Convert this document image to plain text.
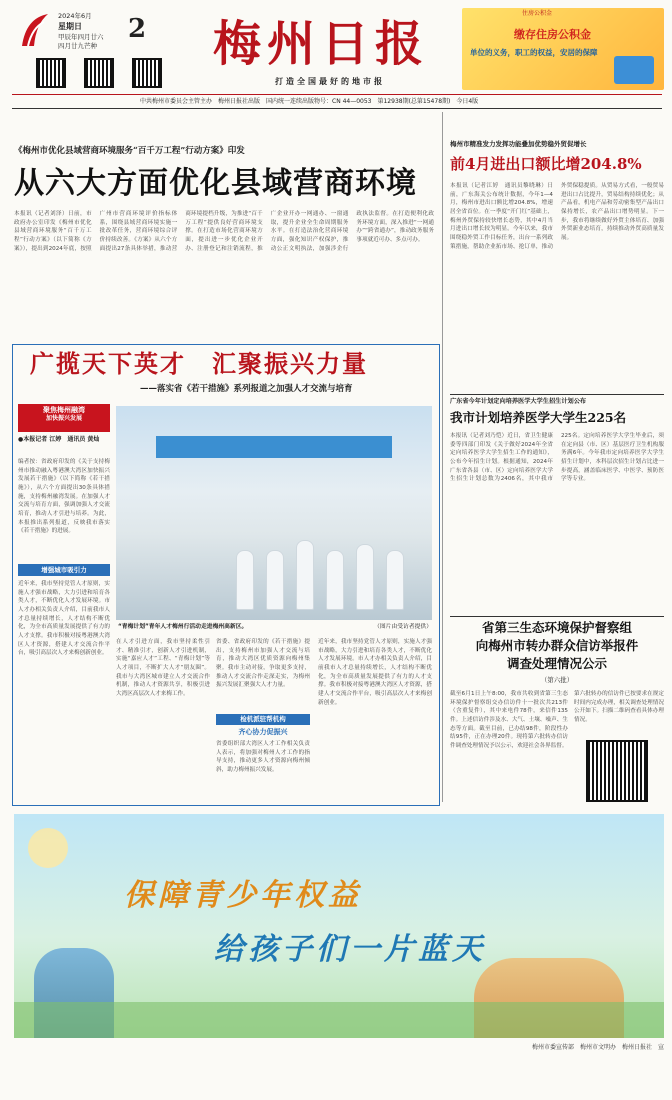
2024年6月
星期日
甲辰年四月廿六
四月廿九芒种
2	梅州日报
打造全国最好的地市报
住房公积金
缴存住房公积金
单位的义务，职工的权益，安居的保障
中共梅州市委员会主管主办　梅州日报社出版　国内统一连续出版物号：CN 44—0053　第12938期(总第15478期)　今日4版
《梅州市优化县域营商环境服务“百千万工程”行动方案》印发
从六大方面优化县域营商环境
本报讯（记者刘泽）日前，市政府办公室印发《梅州市优化县域营商环境服务“百千万工程”行动方案》（以下简称《方案》），提出到2024年底，按照广州市营商环境评价指标体系，围绕县域营商环境实施一批改革任务，营商环境综合评价持续改善。《方案》从六个方面提出27条具体举措，推动营商环境提档升级，为推进“百千万工程”提供良好营商环境支撑。在打造市场化营商环境方面，提出进一步优化企业开办、注册登记和注销流程，推广企业开办一网通办、一窗通取，提升企业全生命周期服务水平。在打造法治化营商环境方面，强化知识产权保护，推动公正文明执法，加强涉企行政执法监督。在打造便利化政务环境方面，深入推进“一网通办”“跨省通办”，推动政务服务事项就近可办、多点可办。
梅州市精准发力发挥功能叠加优势稳外贸促增长
前4月进出口额比增204.8%
本报讯（记者江婷　通讯员黎晓琳）日前，广东海关公布统计数据，今年1—4月，梅州市进出口额比增204.8%，增速居全省首位。在一季度“开门红”基础上，梅州外贸保持较快增长态势，其中4月当月进出口增长较为明显。今年以来，我市围绕稳外贸工作目标任务，出台一系列政策措施，帮助企业拓市场、抢订单，推动外贸保稳提质。从贸易方式看，一般贸易进出口占比提升，贸易结构持续优化；从产品看，机电产品和劳动密集型产品出口保持增长，农产品出口增势明显。下一步，我市将继续做好外贸主体培育、加强外贸新业态培育，持续推动外贸高质量发展。
广揽天下英才　汇聚振兴力量
——落实省《若干措施》系列报道之加强人才交流与培育
聚焦梅州融湾
加快振兴发展
●本报记者 江婷　通讯员 黄灿
编者按：省政府印发的《关于支持梅州市推动融入粤港澳大湾区加快振兴发展若干措施》（以下简称《若干措施》），从六个方面提出30条具体措施，支持梅州融湾发展。在加强人才交流与培育方面，强调加强人才交流培育，推动人才引进与培养。为此，本报推出系列报道，反映我市落实《若干措施》的进展。
增强城市吸引力
近年来，我市坚持党管人才原则，实施人才强市战略，大力引进和培育各类人才，不断优化人才发展环境。市人才办相关负责人介绍，目前我市人才总量持续增长，人才结构不断优化，为全市高质量发展提供了有力的人才支撑。我市积极对接粤港澳大湾区人才资源，搭建人才交流合作平台，吸引高层次人才来梅创新创业。
“青梅计划”青年人才梅州行活动走进梅州高新区。	（图片由受访者提供）
在人才引进方面，我市坚持柔性引才、精准引才，创新人才引进机制，实施“嘉应人才”工程、“青梅计划”等人才项目，不断扩大人才“朋友圈”。我市与大湾区城市建立人才交流合作机制，推动人才资源共享，积极引进大湾区高层次人才来梅工作。
省委、省政府印发的《若干措施》提出，支持梅州市加强人才交流与培育，推动大湾区优质资源向梅州集聚。我市主动对接，争取更多支持，推动人才交流合作走深走实，为梅州振兴发展汇聚强大人才力量。
检机派驻帮机构
齐心协力促振兴
省委组织部大湾区人才工作相关负责人表示，将加强对梅州人才工作的指导支持，推动更多人才资源向梅州倾斜，助力梅州振兴发展。
近年来，我市坚持党管人才原则，实施人才强市战略，大力引进和培育各类人才，不断优化人才发展环境。市人才办相关负责人介绍，目前我市人才总量持续增长，人才结构不断优化，为全市高质量发展提供了有力的人才支撑。我市积极对接粤港澳大湾区人才资源，搭建人才交流合作平台，吸引高层次人才来梅创新创业。
广东省今年计划定向培养医学大学生招生计划公布
我市计划培养医学大学生225名
本报讯（记者刘乃恺）近日，省卫生健康委等四部门印发《关于做好2024年全省定向培养医学大学生招生工作的通知》，公布今年招生计划。根据通知，2024年广东省各县（市、区）定向培养医学大学生招生计划总数为2406名，其中我市225名。定向培养医学大学生毕业后，须在定向县（市、区）基层医疗卫生机构服务满6年。今年我市定向培养医学大学生招生计划中，本科层次招生计划占比进一步提高，涵盖临床医学、中医学、预防医学等专业。
省第三生态环境保护督察组
向梅州市转办群众信访举报件
调查处理情况公示
（第六批）
截至6月1日上午8:00，我市共收到省第三生态环境保护督察组交办信访件十一批次共213件（含重复件），其中来电件78件，来信件135件。上述信访件涉及水、大气、土壤、噪声、生态等方面。截至目前，已办结98件，阶段性办结95件，正在办理20件。现将第六批转办信访件调查处理情况予以公示，欢迎社会各界监督。
第六批转办的信访件已按要求在规定时间内完成办理，相关调查处理情况公开如下。扫描二维码查看具体办理情况。
保障青少年权益
给孩子们一片蓝天
梅州市委宣传部　梅州市文明办　梅州日报社　宣
